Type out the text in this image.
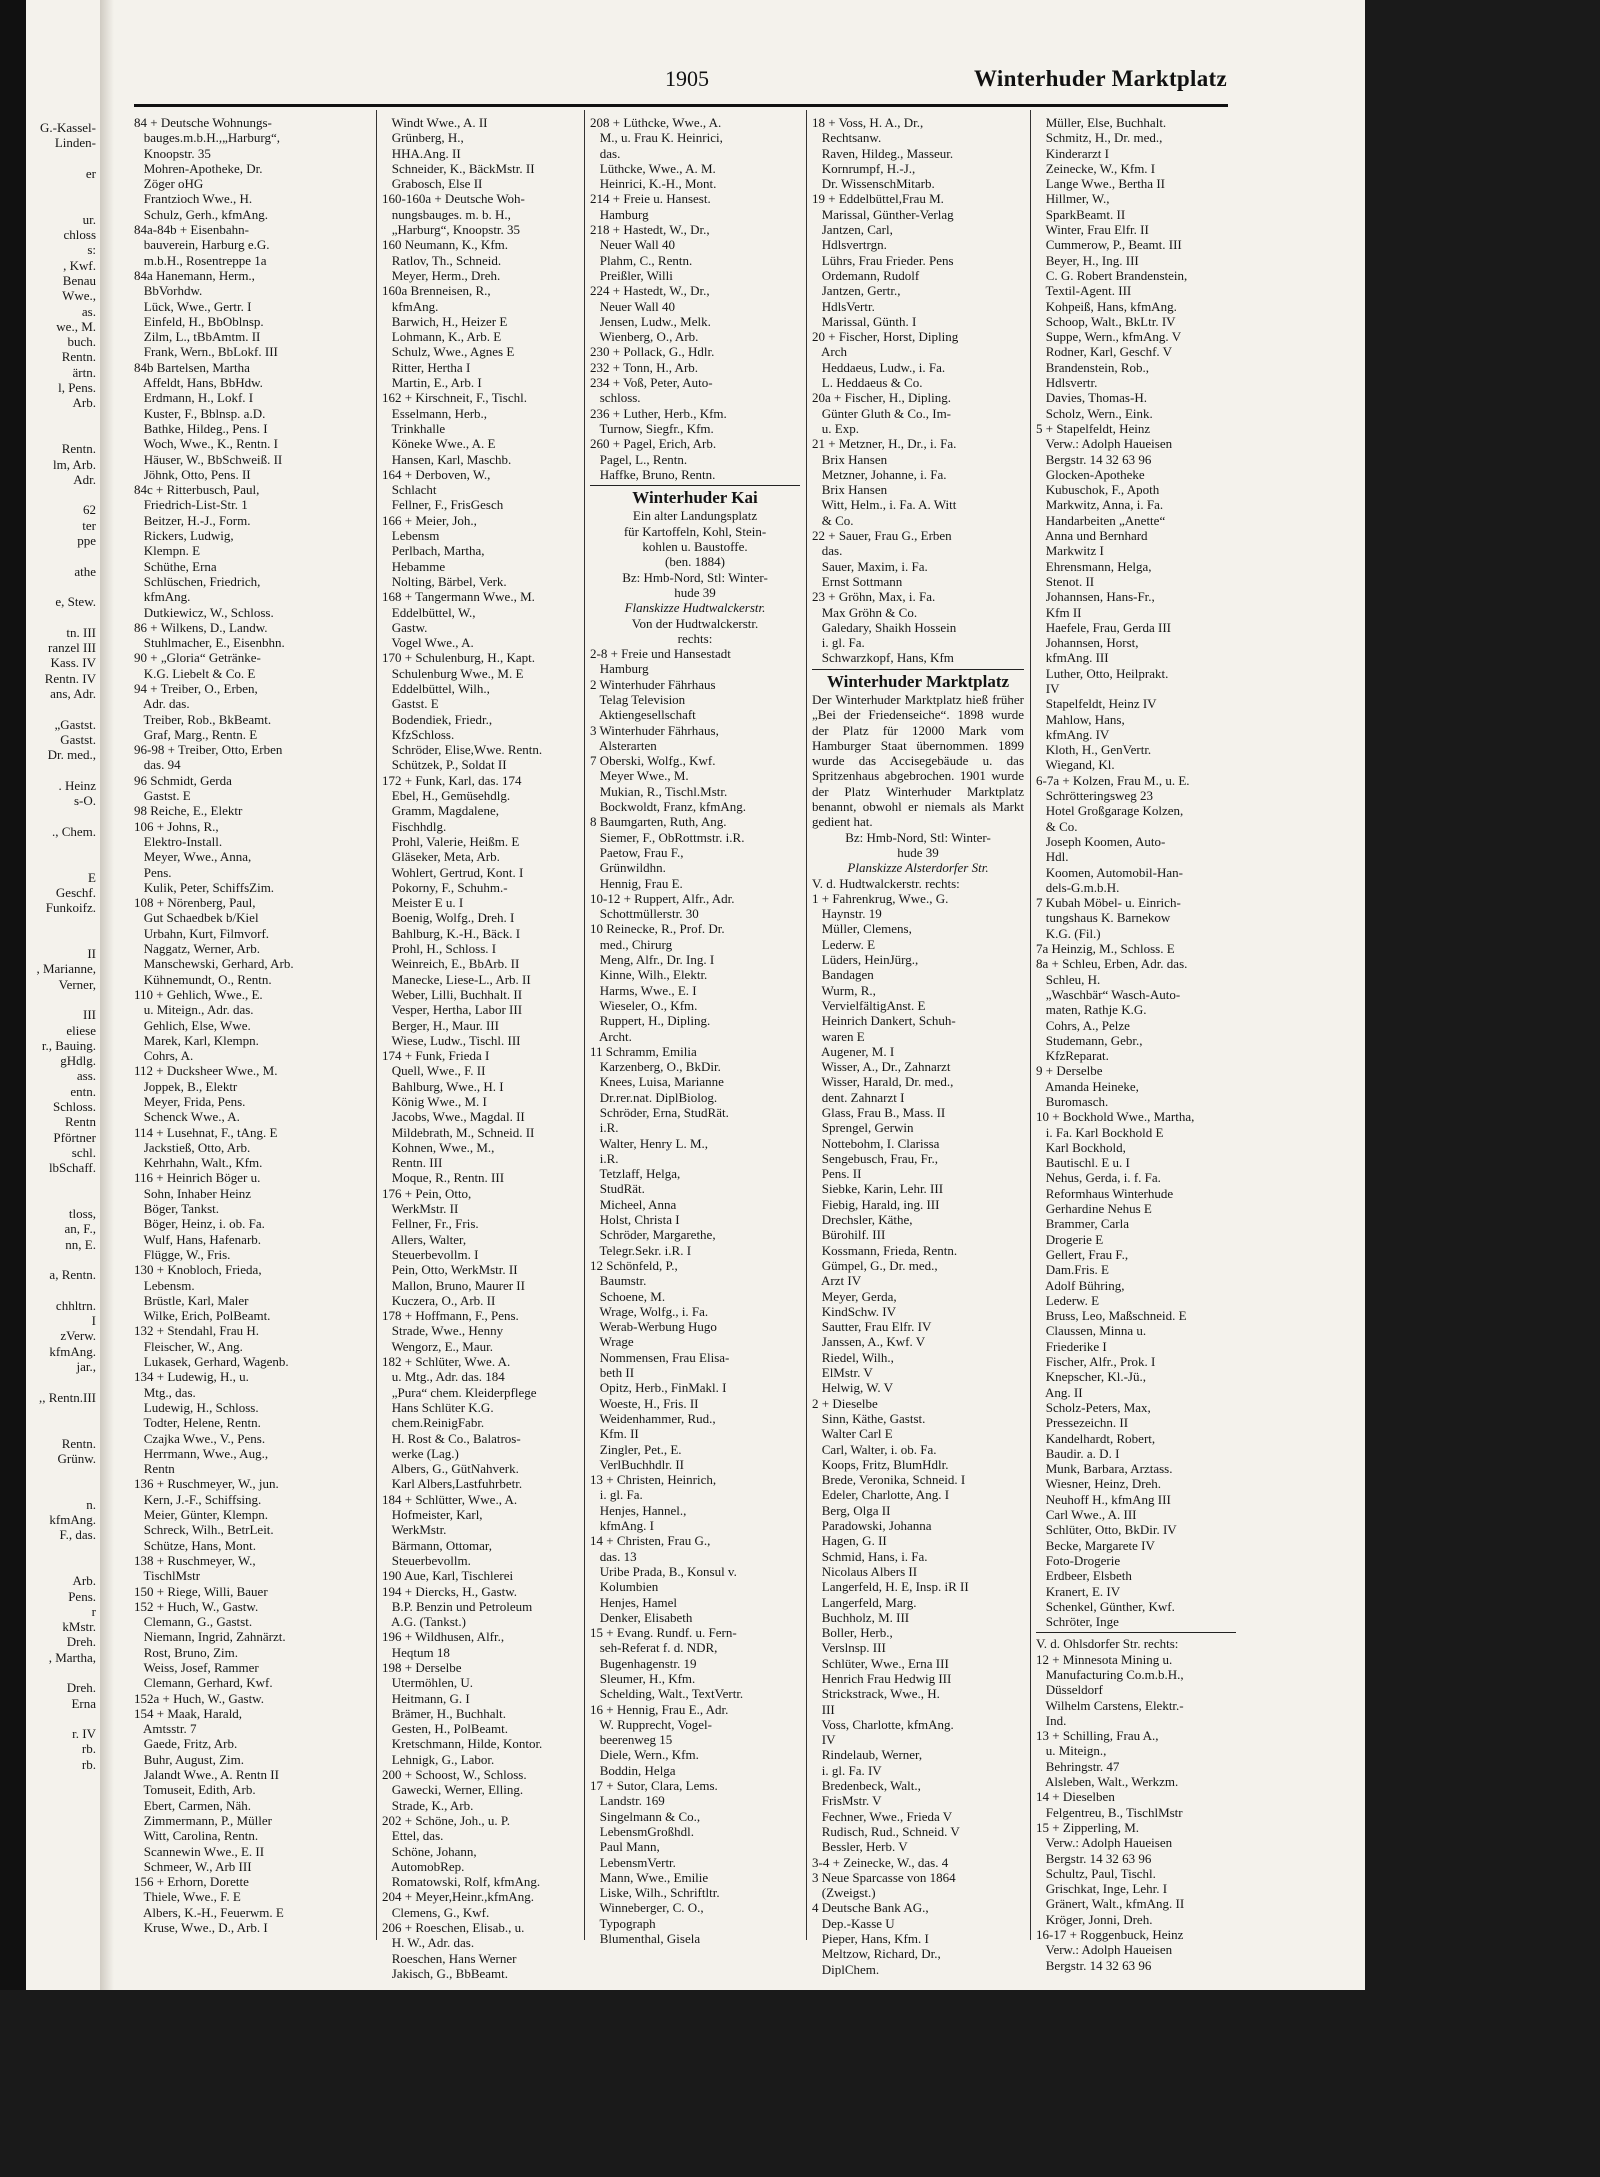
G.-Kassel-
Linden-
er
ur.
chloss
s:
, Kwf.
Benau
Wwe.,
as.
we., M.
buch.
Rentn.
ärtn.
l, Pens.
Arb.
Rentn.
lm, Arb.
Adr.
62
ter
ppe
athe
e, Stew.
tn. III
ranzel III
Kass. IV
Rentn. IV
ans, Adr.
„Gastst.
Gastst.
Dr. med.,
. Heinz
s-O.
., Chem.
E
Geschf.
Funkoifz.
II
, Marianne,
Verner,
III
eliese
r., Bauing.
gHdlg.
ass.
entn.
Schloss.
Rentn
Pförtner
schl.
lbSchaff.
tloss,
an, F.,
nn, E.
a, Rentn.
chhltrn.
I
zVerw.
kfmAng.
jar.,
,, Rentn.III
Rentn.
Grünw.
n.
kfmAng.
F., das.
Arb.
Pens.
r
kMstr.
Dreh.
, Martha,
Dreh.
Erna
r. IV
rb.
rb.
1905	Winterhuder Marktplatz
84 + Deutsche Wohnungs-
bauges.m.b.H.,„Harburg“,
Knoopstr. 35
Mohren-Apotheke, Dr.
Zöger oHG
Frantzioch Wwe., H.
Schulz, Gerh., kfmAng.
84a-84b + Eisenbahn-
bauverein, Harburg e.G.
m.b.H., Rosentreppe 1a
84a Hanemann, Herm.,
BbVorhdw.
Lück, Wwe., Gertr. I
Einfeld, H., BbOblnsp.
Zilm, L., tBbAmtm. II
Frank, Wern., BbLokf. III
84b Bartelsen, Martha
Affeldt, Hans, BbHdw.
Erdmann, H., Lokf. I
Kuster, F., Bblnsp. a.D.
Bathke, Hildeg., Pens. I
Woch, Wwe., K., Rentn. I
Häuser, W., BbSchweiß. II
Jöhnk, Otto, Pens. II
84c + Ritterbusch, Paul,
Friedrich-List-Str. 1
Beitzer, H.-J., Form.
Rickers, Ludwig,
Klempn. E
Schüthe, Erna
Schlüschen, Friedrich,
kfmAng.
Dutkiewicz, W., Schloss.
86 + Wilkens, D., Landw.
Stuhlmacher, E., Eisenbhn.
90 + „Gloria“ Getränke-
K.G. Liebelt & Co. E
94 + Treiber, O., Erben,
Adr. das.
Treiber, Rob., BkBeamt.
Graf, Marg., Rentn. E
96-98 + Treiber, Otto, Erben
das. 94
96 Schmidt, Gerda
Gastst. E
98 Reiche, E., Elektr
106 + Johns, R.,
Elektro-Install.
Meyer, Wwe., Anna,
Pens.
Kulik, Peter, SchiffsZim.
108 + Nörenberg, Paul,
Gut Schaedbek b/Kiel
Urbahn, Kurt, Filmvorf.
Naggatz, Werner, Arb.
Manschewski, Gerhard, Arb.
Kühnemundt, O., Rentn.
110 + Gehlich, Wwe., E.
u. Miteign., Adr. das.
Gehlich, Else, Wwe.
Marek, Karl, Klempn.
Cohrs, A.
112 + Ducksheer Wwe., M.
Joppek, B., Elektr
Meyer, Frida, Pens.
Schenck Wwe., A.
114 + Lusehnat, F., tAng. E
Jackstieß, Otto, Arb.
Kehrhahn, Walt., Kfm.
116 + Heinrich Böger u.
Sohn, Inhaber Heinz
Böger, Tankst.
Böger, Heinz, i. ob. Fa.
Wulf, Hans, Hafenarb.
Flügge, W., Fris.
130 + Knobloch, Frieda,
Lebensm.
Brüstle, Karl, Maler
Wilke, Erich, PolBeamt.
132 + Stendahl, Frau H.
Fleischer, W., Ang.
Lukasek, Gerhard, Wagenb.
134 + Ludewig, H., u.
Mtg., das.
Ludewig, H., Schloss.
Todter, Helene, Rentn.
Czajka Wwe., V., Pens.
Herrmann, Wwe., Aug.,
Rentn
136 + Ruschmeyer, W., jun.
Kern, J.-F., Schiffsing.
Meier, Günter, Klempn.
Schreck, Wilh., BetrLeit.
Schütze, Hans, Mont.
138 + Ruschmeyer, W.,
TischlMstr
150 + Riege, Willi, Bauer
152 + Huch, W., Gastw.
Clemann, G., Gastst.
Niemann, Ingrid, Zahnärzt.
Rost, Bruno, Zim.
Weiss, Josef, Rammer
Clemann, Gerhard, Kwf.
152a + Huch, W., Gastw.
154 + Maak, Harald,
Amtsstr. 7
Gaede, Fritz, Arb.
Buhr, August, Zim.
Jalandt Wwe., A. Rentn II
Tomuseit, Edith, Arb.
Ebert, Carmen, Näh.
Zimmermann, P., Müller
Witt, Carolina, Rentn.
Scannewin Wwe., E. II
Schmeer, W., Arb III
156 + Erhorn, Dorette
Thiele, Wwe., F. E
Albers, K.-H., Feuerwm. E
Kruse, Wwe., D., Arb. I
Windt Wwe., A. II
Grünberg, H.,
HHA.Ang. II
Schneider, K., BäckMstr. II
Grabosch, Else II
160-160a + Deutsche Woh-
nungsbauges. m. b. H.,
„Harburg“, Knoopstr. 35
160 Neumann, K., Kfm.
Ratlov, Th., Schneid.
Meyer, Herm., Dreh.
160a Brenneisen, R.,
kfmAng.
Barwich, H., Heizer E
Lohmann, K., Arb. E
Schulz, Wwe., Agnes E
Ritter, Hertha I
Martin, E., Arb. I
162 + Kirschneit, F., Tischl.
Esselmann, Herb.,
Trinkhalle
Köneke Wwe., A. E
Hansen, Karl, Maschb.
164 + Derboven, W.,
Schlacht
Fellner, F., FrisGesch
166 + Meier, Joh.,
Lebensm
Perlbach, Martha,
Hebamme
Nolting, Bärbel, Verk.
168 + Tangermann Wwe., M.
Eddelbüttel, W.,
Gastw.
Vogel Wwe., A.
170 + Schulenburg, H., Kapt.
Schulenburg Wwe., M. E
Eddelbüttel, Wilh.,
Gastst. E
Bodendiek, Friedr.,
KfzSchloss.
Schröder, Elise,Wwe. Rentn.
Schützek, P., Soldat II
172 + Funk, Karl, das. 174
Ebel, H., Gemüsehdlg.
Gramm, Magdalene,
Fischhdlg.
Prohl, Valerie, Heißm. E
Gläseker, Meta, Arb.
Wohlert, Gertrud, Kont. I
Pokorny, F., Schuhm.-
Meister E u. I
Boenig, Wolfg., Dreh. I
Bahlburg, K.-H., Bäck. I
Prohl, H., Schloss. I
Weinreich, E., BbArb. II
Manecke, Liese-L., Arb. II
Weber, Lilli, Buchhalt. II
Vesper, Hertha, Labor III
Berger, H., Maur. III
Wiese, Ludw., Tischl. III
174 + Funk, Frieda I
Quell, Wwe., F. II
Bahlburg, Wwe., H. I
König Wwe., M. I
Jacobs, Wwe., Magdal. II
Mildebrath, M., Schneid. II
Kohnen, Wwe., M.,
Rentn. III
Moque, R., Rentn. III
176 + Pein, Otto,
WerkMstr. II
Fellner, Fr., Fris.
Allers, Walter,
Steuerbevollm. I
Pein, Otto, WerkMstr. II
Mallon, Bruno, Maurer II
Kuczera, O., Arb. II
178 + Hoffmann, F., Pens.
Strade, Wwe., Henny
Wengorz, E., Maur.
182 + Schlüter, Wwe. A.
u. Mtg., Adr. das. 184
„Pura“ chem. Kleiderpflege
Hans Schlüter K.G.
chem.ReinigFabr.
H. Rost & Co., Balatros-
werke (Lag.)
Albers, G., GütNahverk.
Karl Albers,Lastfuhrbetr.
184 + Schlütter, Wwe., A.
Hofmeister, Karl,
WerkMstr.
Bärmann, Ottomar,
Steuerbevollm.
190 Aue, Karl, Tischlerei
194 + Diercks, H., Gastw.
B.P. Benzin und Petroleum
A.G. (Tankst.)
196 + Wildhusen, Alfr.,
Heqtum 18
198 + Derselbe
Utermöhlen, U.
Heitmann, G. I
Brämer, H., Buchhalt.
Gesten, H., PolBeamt.
Kretschmann, Hilde, Kontor.
Lehnigk, G., Labor.
200 + Schoost, W., Schloss.
Gawecki, Werner, Elling.
Strade, K., Arb.
202 + Schöne, Joh., u. P.
Ettel, das.
Schöne, Johann,
AutomobRep.
Romatowski, Rolf, kfmAng.
204 + Meyer,Heinr.,kfmAng.
Clemens, G., Kwf.
206 + Roeschen, Elisab., u.
H. W., Adr. das.
Roeschen, Hans Werner
Jakisch, G., BbBeamt.
208 + Lüthcke, Wwe., A.
M., u. Frau K. Heinrici,
das.
Lüthcke, Wwe., A. M.
Heinrici, K.-H., Mont.
214 + Freie u. Hansest.
Hamburg
218 + Hastedt, W., Dr.,
Neuer Wall 40
Plahm, C., Rentn.
Preißler, Willi
224 + Hastedt, W., Dr.,
Neuer Wall 40
Jensen, Ludw., Melk.
Wienberg, O., Arb.
230 + Pollack, G., Hdlr.
232 + Tonn, H., Arb.
234 + Voß, Peter, Auto-
schloss.
236 + Luther, Herb., Kfm.
Turnow, Siegfr., Kfm.
260 + Pagel, Erich, Arb.
Pagel, L., Rentn.
Haffke, Bruno, Rentn.
Winterhuder Kai
Ein alter Landungsplatz
für Kartoffeln, Kohl, Stein-
kohlen u. Baustoffe.
(ben. 1884)
Bz: Hmb-Nord, Stl: Winter-
hude 39
Flanskizze Hudtwalckerstr.
Von der Hudtwalckerstr.
rechts:
2-8 + Freie und Hansestadt
Hamburg
2 Winterhuder Fährhaus
Telag Television
Aktiengesellschaft
3 Winterhuder Fährhaus,
Alsterarten
7 Oberski, Wolfg., Kwf.
Meyer Wwe., M.
Mukian, R., Tischl.Mstr.
Bockwoldt, Franz, kfmAng.
8 Baumgarten, Ruth, Ang.
Siemer, F., ObRottmstr. i.R.
Paetow, Frau F.,
Grünwildhn.
Hennig, Frau E.
10-12 + Ruppert, Alfr., Adr.
Schottmüllerstr. 30
10 Reinecke, R., Prof. Dr.
med., Chirurg
Meng, Alfr., Dr. Ing. I
Kinne, Wilh., Elektr.
Harms, Wwe., E. I
Wieseler, O., Kfm.
Ruppert, H., Dipling.
Archt.
11 Schramm, Emilia
Karzenberg, O., BkDir.
Knees, Luisa, Marianne
Dr.rer.nat. DiplBiolog.
Schröder, Erna, StudRät.
i.R.
Walter, Henry L. M.,
i.R.
Tetzlaff, Helga,
StudRät.
Micheel, Anna
Holst, Christa I
Schröder, Margarethe,
Telegr.Sekr. i.R. I
12 Schönfeld, P.,
Baumstr.
Schoene, M.
Wrage, Wolfg., i. Fa.
Werab-Werbung Hugo
Wrage
Nommensen, Frau Elisa-
beth II
Opitz, Herb., FinMakl. I
Woeste, H., Fris. II
Weidenhammer, Rud.,
Kfm. II
Zingler, Pet., E.
VerlBuchhdlr. II
13 + Christen, Heinrich,
i. gl. Fa.
Henjes, Hannel.,
kfmAng. I
14 + Christen, Frau G.,
das. 13
Uribe Prada, B., Konsul v.
Kolumbien
Henjes, Hamel
Denker, Elisabeth
15 + Evang. Rundf. u. Fern-
seh-Referat f. d. NDR,
Bugenhagenstr. 19
Sleumer, H., Kfm.
Schelding, Walt., TextVertr.
16 + Hennig, Frau E., Adr.
W. Rupprecht, Vogel-
beerenweg 15
Diele, Wern., Kfm.
Boddin, Helga
17 + Sutor, Clara, Lems.
Landstr. 169
Singelmann & Co.,
LebensmGroßhdl.
Paul Mann,
LebensmVertr.
Mann, Wwe., Emilie
Liske, Wilh., Schriftltr.
Winneberger, C. O.,
Typograph
Blumenthal, Gisela
18 + Voss, H. A., Dr.,
Rechtsanw.
Raven, Hildeg., Masseur.
Kornrumpf, H.-J.,
Dr. WissenschMitarb.
19 + Eddelbüttel,Frau M.
Marissal, Günther-Verlag
Jantzen, Carl,
Hdlsvertrgn.
Lührs, Frau Frieder. Pens
Ordemann, Rudolf
Jantzen, Gertr.,
HdlsVertr.
Marissal, Günth. I
20 + Fischer, Horst, Dipling
Arch
Heddaeus, Ludw., i. Fa.
L. Heddaeus & Co.
20a + Fischer, H., Dipling.
Günter Gluth & Co., Im-
u. Exp.
21 + Metzner, H., Dr., i. Fa.
Brix Hansen
Metzner, Johanne, i. Fa.
Brix Hansen
Witt, Helm., i. Fa. A. Witt
& Co.
22 + Sauer, Frau G., Erben
das.
Sauer, Maxim, i. Fa.
Ernst Sottmann
23 + Gröhn, Max, i. Fa.
Max Gröhn & Co.
Galedary, Shaikh Hossein
i. gl. Fa.
Schwarzkopf, Hans, Kfm
Winterhuder Marktplatz
Der Winterhuder Marktplatz hieß früher „Bei der Friedenseiche“. 1898 wurde der Platz für 12000 Mark vom Hamburger Staat übernommen. 1899 wurde das Accisegebäude u. das Spritzenhaus abgebrochen. 1901 wurde der Platz Winterhuder Marktplatz benannt, obwohl er niemals als Markt gedient hat.
Bz: Hmb-Nord, Stl: Winter-
hude 39
Planskizze Alsterdorfer Str.
V. d. Hudtwalckerstr. rechts:
1 + Fahrenkrug, Wwe., G.
Haynstr. 19
Müller, Clemens,
Lederw. E
Lüders, HeinJürg.,
Bandagen
Wurm, R.,
VervielfältigAnst. E
Heinrich Dankert, Schuh-
waren E
Augener, M. I
Wisser, A., Dr., Zahnarzt
Wisser, Harald, Dr. med.,
dent. Zahnarzt I
Glass, Frau B., Mass. II
Sprengel, Gerwin
Nottebohm, I. Clarissa
Sengebusch, Frau, Fr.,
Pens. II
Siebke, Karin, Lehr. III
Fiebig, Harald, ing. III
Drechsler, Käthe,
Bürohilf. III
Kossmann, Frieda, Rentn.
Gümpel, G., Dr. med.,
Arzt IV
Meyer, Gerda,
KindSchw. IV
Sautter, Frau Elfr. IV
Janssen, A., Kwf. V
Riedel, Wilh.,
ElMstr. V
Helwig, W. V
2 + Dieselbe
Sinn, Käthe, Gastst.
Walter Carl E
Carl, Walter, i. ob. Fa.
Koops, Fritz, BlumHdlr.
Brede, Veronika, Schneid. I
Edeler, Charlotte, Ang. I
Berg, Olga II
Paradowski, Johanna
Hagen, G. II
Schmid, Hans, i. Fa.
Nicolaus Albers II
Langerfeld, H. E, Insp. iR II
Langerfeld, Marg.
Buchholz, M. III
Boller, Herb.,
Verslnsp. III
Schlüter, Wwe., Erna III
Henrich Frau Hedwig III
Strickstrack, Wwe., H.
III
Voss, Charlotte, kfmAng.
IV
Rindelaub, Werner,
i. gl. Fa. IV
Bredenbeck, Walt.,
FrisMstr. V
Fechner, Wwe., Frieda V
Rudisch, Rud., Schneid. V
Bessler, Herb. V
3-4 + Zeinecke, W., das. 4
3 Neue Sparcasse von 1864
(Zweigst.)
4 Deutsche Bank AG.,
Dep.-Kasse U
Pieper, Hans, Kfm. I
Meltzow, Richard, Dr.,
DiplChem.
Müller, Else, Buchhalt.
Schmitz, H., Dr. med.,
Kinderarzt I
Zeinecke, W., Kfm. I
Lange Wwe., Bertha II
Hillmer, W.,
SparkBeamt. II
Winter, Frau Elfr. II
Cummerow, P., Beamt. III
Beyer, H., Ing. III
C. G. Robert Brandenstein,
Textil-Agent. III
Kohpeiß, Hans, kfmAng.
Schoop, Walt., BkLtr. IV
Suppe, Wern., kfmAng. V
Rodner, Karl, Geschf. V
Brandenstein, Rob.,
Hdlsvertr.
Davies, Thomas-H.
Scholz, Wern., Eink.
5 + Stapelfeldt, Heinz
Verw.: Adolph Haueisen
Bergstr. 14 32 63 96
Glocken-Apotheke
Kubuschok, F., Apoth
Markwitz, Anna, i. Fa.
Handarbeiten „Anette“
Anna und Bernhard
Markwitz I
Ehrensmann, Helga,
Stenot. II
Johannsen, Hans-Fr.,
Kfm II
Haefele, Frau, Gerda III
Johannsen, Horst,
kfmAng. III
Luther, Otto, Heilprakt.
IV
Stapelfeldt, Heinz IV
Mahlow, Hans,
kfmAng. IV
Kloth, H., GenVertr.
Wiegand, Kl.
6-7a + Kolzen, Frau M., u. E.
Schrötteringsweg 23
Hotel Großgarage Kolzen,
& Co.
Joseph Koomen, Auto-
Hdl.
Koomen, Automobil-Han-
dels-G.m.b.H.
7 Kubah Möbel- u. Einrich-
tungshaus K. Barnekow
K.G. (Fil.)
7a Heinzig, M., Schloss. E
8a + Schleu, Erben, Adr. das.
Schleu, H.
„Waschbär“ Wasch-Auto-
maten, Rathje K.G.
Cohrs, A., Pelze
Studemann, Gebr.,
KfzReparat.
9 + Derselbe
Amanda Heineke,
Buromasch.
10 + Bockhold Wwe., Martha,
i. Fa. Karl Bockhold E
Karl Bockhold,
Bautischl. E u. I
Nehus, Gerda, i. f. Fa.
Reformhaus Winterhude
Gerhardine Nehus E
Brammer, Carla
Drogerie E
Gellert, Frau F.,
Dam.Fris. E
Adolf Bühring,
Lederw. E
Bruss, Leo, Maßschneid. E
Claussen, Minna u.
Friederike I
Fischer, Alfr., Prok. I
Knepscher, Kl.-Jü.,
Ang. II
Scholz-Peters, Max,
Pressezeichn. II
Kandelhardt, Robert,
Baudir. a. D. I
Munk, Barbara, Arztass.
Wiesner, Heinz, Dreh.
Neuhoff H., kfmAng III
Carl Wwe., A. III
Schlüter, Otto, BkDir. IV
Becke, Margarete IV
Foto-Drogerie
Erdbeer, Elsbeth
Kranert, E. IV
Schenkel, Günther, Kwf.
Schröter, Inge
V. d. Ohlsdorfer Str. rechts:
12 + Minnesota Mining u.
Manufacturing Co.m.b.H.,
Düsseldorf
Wilhelm Carstens, Elektr.-
Ind.
13 + Schilling, Frau A.,
u. Miteign.,
Behringstr. 47
Alsleben, Walt., Werkzm.
14 + Dieselben
Felgentreu, B., TischlMstr
15 + Zipperling, M.
Verw.: Adolph Haueisen
Bergstr. 14 32 63 96
Schultz, Paul, Tischl.
Grischkat, Inge, Lehr. I
Gränert, Walt., kfmAng. II
Kröger, Jonni, Dreh.
16-17 + Roggenbuck, Heinz
Verw.: Adolph Haueisen
Bergstr. 14 32 63 96
